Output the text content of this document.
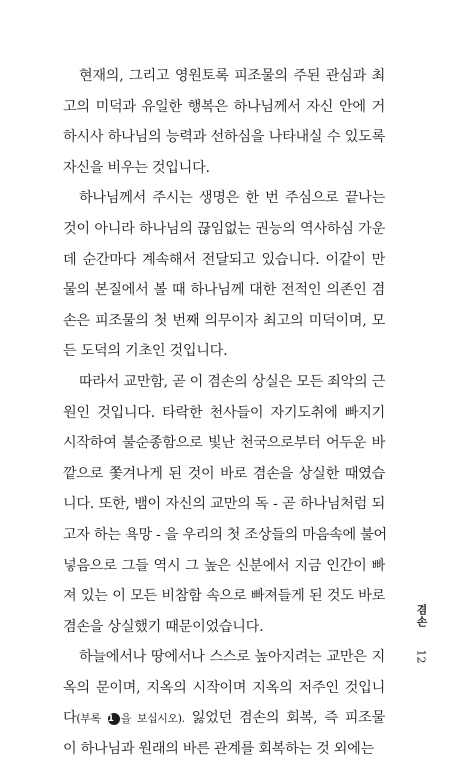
현재의, 그리고 영원토록 피조물의 주된 관심과 최
고의 미덕과 유일한 행복은 하나님께서 자신 안에 거
하시사 하나님의 능력과 선하심을 나타내실 수 있도록
자신을 비우는 것입니다.
하나님께서 주시는 생명은 한 번 주심으로 끝나는
것이 아니라 하나님의 끊임없는 권능의 역사하심 가운
데 순간마다 계속해서 전달되고 있습니다. 이같이 만
물의 본질에서 볼 때 하나님께 대한 전적인 의존인 겸
손은 피조물의 첫 번째 의무이자 최고의 미덕이며, 모
든 도덕의 기초인 것입니다.
따라서 교만함, 곧 이 겸손의 상실은 모든 죄악의 근
원인 것입니다. 타락한 천사들이 자기도취에 빠지기
시작하여 불순종함으로 빛난 천국으로부터 어두운 바
깥으로 쫓겨나게 된 것이 바로 겸손을 상실한 때였습
니다. 또한, 뱀이 자신의 교만의 독 - 곧 하나님처럼 되
고자 하는 욕망 - 을 우리의 첫 조상들의 마음속에 불어
넣음으로 그들 역시 그 높은 신분에서 지금 인간이 빠
져 있는 이 모든 비참함 속으로 빠져들게 된 것도 바로
겸손을 상실했기 때문이었습니다.
하늘에서나 땅에서나 스스로 높아지려는 교만은 지
옥의 문이며, 지옥의 시작이며 지옥의 저주인 것입니
다(부록 1 을 보십시오). 잃었던 겸손의 회복, 즉 피조물
이 하나님과 원래의 바른 관계를 회복하는 것 외에는
겸손
12
